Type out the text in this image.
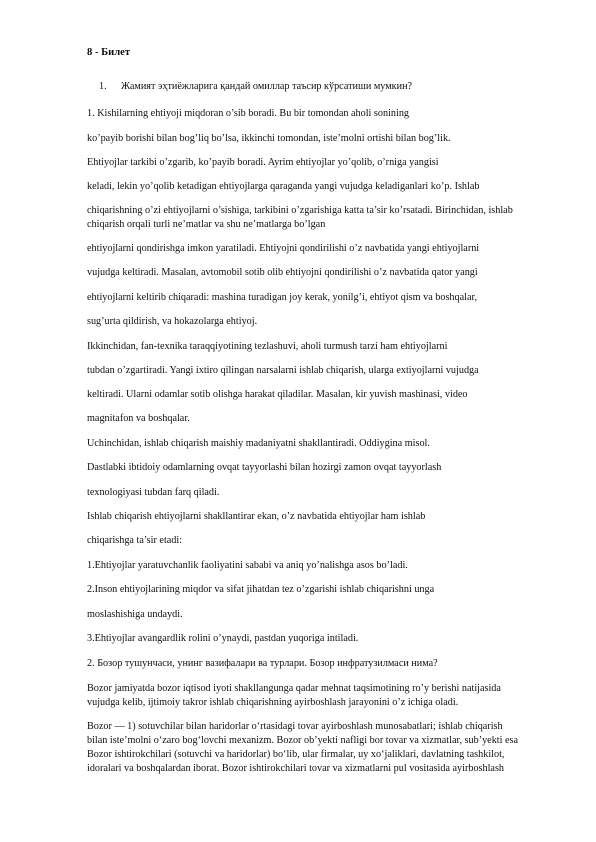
8 - Билет
1. Жамият эҳтиёжларига қандай омиллар таъсир кўрсатиши мумкин?
1. Kishilarning ehtiyoji miqdoran o’sib boradi. Bu bir tomondan aholi sonining
ko’payib borishi bilan bog’liq bo’lsa, ikkinchi tomondan, iste’molni ortishi bilan bog’lik.
Ehtiyojlar tarkibi o’zgarib, ko’payib boradi. Ayrim ehtiyojlar yo’qolib, o’rniga yangisi
keladi, lekin yo’qolib ketadigan ehtiyojlarga qaraganda yangi vujudga keladiganlari ko’p. Ishlab
chiqarishning o’zi ehtiyojlarni o’sishiga, tarkibini o’zgarishiga katta ta’sir ko’rsatadi. Birinchidan, ishlab
chiqarish orqali turli ne’matlar va shu ne’matlarga bo’lgan
ehtiyojlarni qondirishga imkon yaratiladi. Ehtiyojni qondirilishi o’z navbatida yangi ehtiyojlarni
vujudga keltiradi. Masalan, avtomobil sotib olib ehtiyojni qondirilishi o’z navbatida qator yangi
ehtiyojlarni keltirib chiqaradi: mashina turadigan joy kerak, yonilg’i, ehtiyot qism va boshqalar,
sug’urta qildirish, va hokazolarga ehtiyoj.
Ikkinchidan, fan-texnika taraqqiyotining tezlashuvi, aholi turmush tarzi ham ehtiyojlarni
tubdan o’zgartiradi. Yangi ixtiro qilingan narsalarni ishlab chiqarish, ularga extiyojlarni vujudga
keltiradi. Ularni odamlar sotib olishga harakat qiladilar. Masalan, kir yuvish mashinasi, video
magnitafon va boshqalar.
Uchinchidan, ishlab chiqarish maishiy madaniyatni shakllantiradi. Oddiygina misol.
Dastlabki ibtidoiy odamlarning ovqat tayyorlashi bilan hozirgi zamon ovqat tayyorlash
texnologiyasi tubdan farq qiladi.
Ishlab chiqarish ehtiyojlarni shakllantirar ekan, o’z navbatida ehtiyojlar ham ishlab
chiqarishga ta’sir etadi:
1.Ehtiyojlar yaratuvchanlik faoliyatini sababi va aniq yo’nalishga asos bo’ladi.
2.Inson ehtiyojlarining miqdor va sifat jihatdan tez o’zgarishi ishlab chiqarishni unga
moslashishiga undaydi.
3.Ehtiyojlar avangardlik rolini o’ynaydi, pastdan yuqoriga intiladi.
2. Бозор тушунчаси, унинг вазифалари ва турлари. Бозор инфратузилмаси нима?
Bozor jamiyatda bozor iqtisod iyoti shakllangunga qadar mehnat taqsimotining ro’y berishi natijasida
vujudga kelib, ijtimoiy takror ishlab chiqarishning ayirboshlash jarayonini o’z ichiga oladi.
Bozor — 1) sotuvchilar bilan haridorlar o‘rtasidagi tovar ayirboshlash munosabatlari; ishlab chiqarish
bilan iste’molni o‘zaro bog‘lovchi mexanizm. Bozor ob’yekti nafligi bor tovar va xizmatlar, sub’yekti esa
Bozor ishtirokchilari (sotuvchi va haridorlar) bo‘lib, ular firmalar, uy xo‘jaliklari, davlatning tashkilot,
idoralari va boshqalardan iborat. Bozor ishtirokchilari tovar va xizmatlarni pul vositasida ayirboshlash
